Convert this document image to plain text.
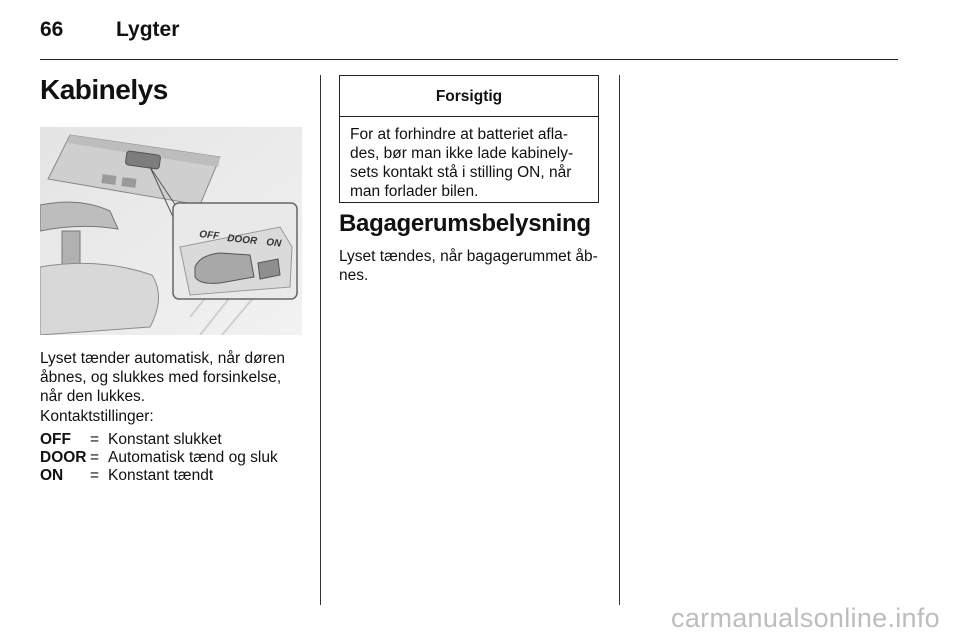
66	Lygter
Kabinelys
OFF DOOR ON

Lyset tænder automatisk, når døren åbnes, og slukkes med forsinkelse, når den lukkes.

Kontaktstillinger:

OFF	= Konstant slukket
DOOR = Automatisk tænd og sluk
ON	= Konstant tændt
Forsigtig
For at forhindre at batteriet afla-des, bør man ikke lade kabinely-sets kontakt stå i stilling ON, når man forlader bilen.
Bagagerumsbelysning

Lyset tændes, når bagagerummet åb-nes.

carmanualsonline.info
